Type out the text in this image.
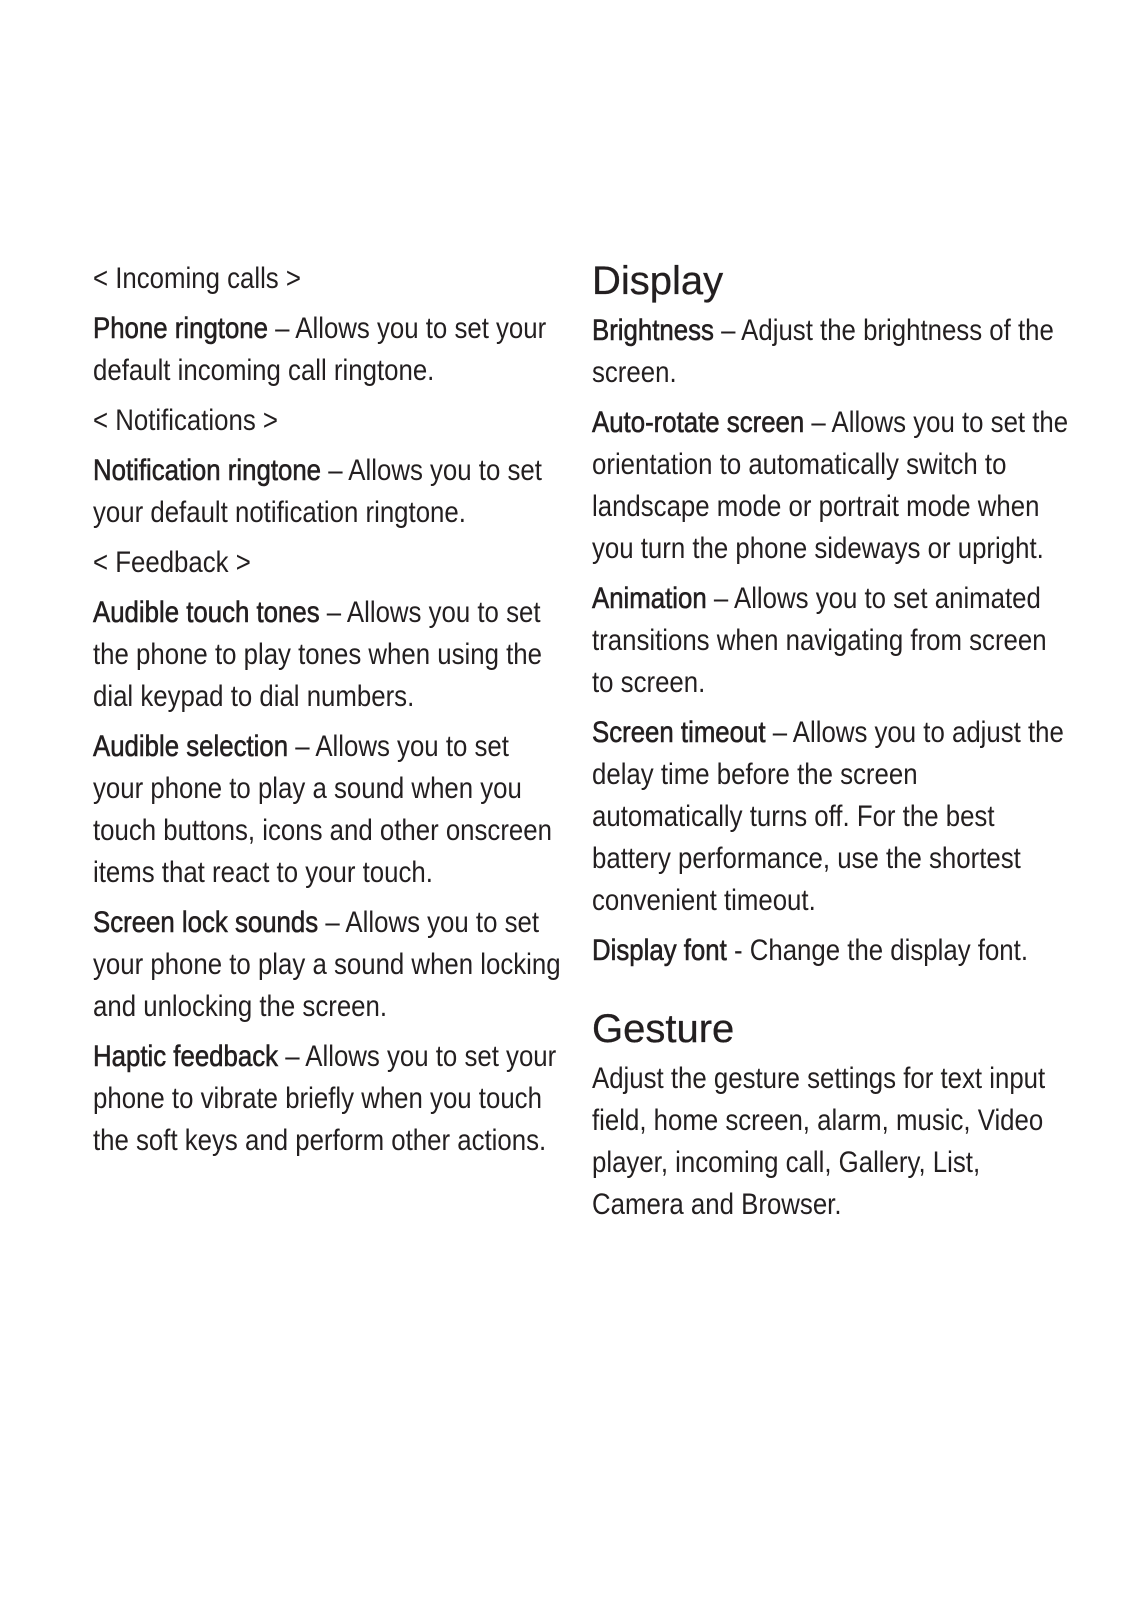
< Incoming calls >
Phone ringtone – Allows you to set your default incoming call ringtone.
< Notifications >
Notification ringtone – Allows you to set your default notification ringtone.
< Feedback >
Audible touch tones – Allows you to set the phone to play tones when using the dial keypad to dial numbers.
Audible selection – Allows you to set your phone to play a sound when you touch buttons, icons and other onscreen items that react to your touch.
Screen lock sounds – Allows you to set your phone to play a sound when locking and unlocking the screen.
Haptic feedback – Allows you to set your phone to vibrate briefly when you touch the soft keys and perform other actions.
Display
Brightness – Adjust the brightness of the screen.
Auto-rotate screen – Allows you to set the orientation to automatically switch to landscape mode or portrait mode when you turn the phone sideways or upright.
Animation – Allows you to set animated transitions when navigating from screen to screen.
Screen timeout – Allows you to adjust the delay time before the screen automatically turns off. For the best battery performance, use the shortest convenient timeout.
Display font - Change the display font.
Gesture
Adjust the gesture settings for text input field, home screen, alarm, music, Video player, incoming call, Gallery, List, Camera and Browser.
